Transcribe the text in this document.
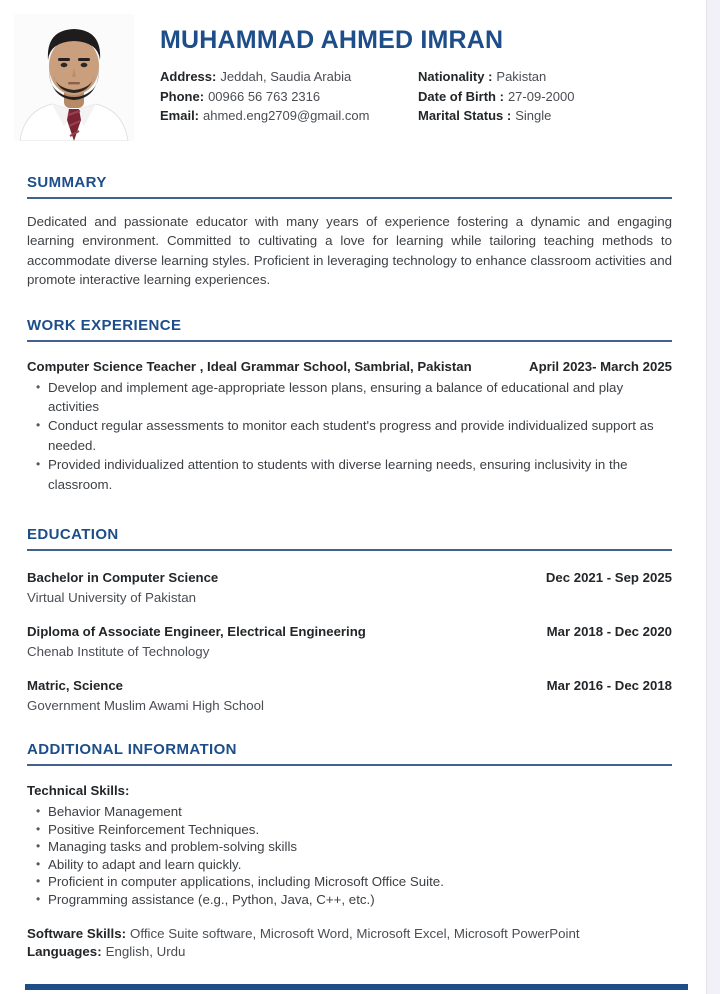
MUHAMMAD AHMED IMRAN
Address: Jeddah, Saudia Arabia
Phone: 00966 56 763 2316
Email: ahmed.eng2709@gmail.com
Nationality : Pakistan
Date of Birth : 27-09-2000
Marital Status : Single
SUMMARY

Dedicated and passionate educator with many years of experience fostering a dynamic and engaging learning environment. Committed to cultivating a love for learning while tailoring teaching methods to accommodate diverse learning styles. Proficient in leveraging technology to enhance classroom activities and promote interactive learning experiences.

WORK EXPERIENCE
Computer Science Teacher , Ideal Grammar School, Sambrial, Pakistan	April 2023- March 2025
• Develop and implement age-appropriate lesson plans, ensuring a balance of educational and play activities
• Conduct regular assessments to monitor each student's progress and provide individualized support as needed.
• Provided individualized attention to students with diverse learning needs, ensuring inclusivity in the classroom.
EDUCATION
Bachelor in Computer Science	Dec 2021 - Sep 2025
Virtual University of Pakistan
Diploma of Associate Engineer, Electrical Engineering	Mar 2018 - Dec 2020
Chenab Institute of Technology
Matric, Science	Mar 2016 - Dec 2018
Government Muslim Awami High School
ADDITIONAL INFORMATION
Technical Skills:
• Behavior Management
• Positive Reinforcement Techniques.
• Managing tasks and problem-solving skills
• Ability to adapt and learn quickly.
• Proficient in computer applications, including Microsoft Office Suite.
• Programming assistance (e.g., Python, Java, C++, etc.)
Software Skills: Office Suite software, Microsoft Word, Microsoft Excel, Microsoft PowerPoint
Languages: English, Urdu
